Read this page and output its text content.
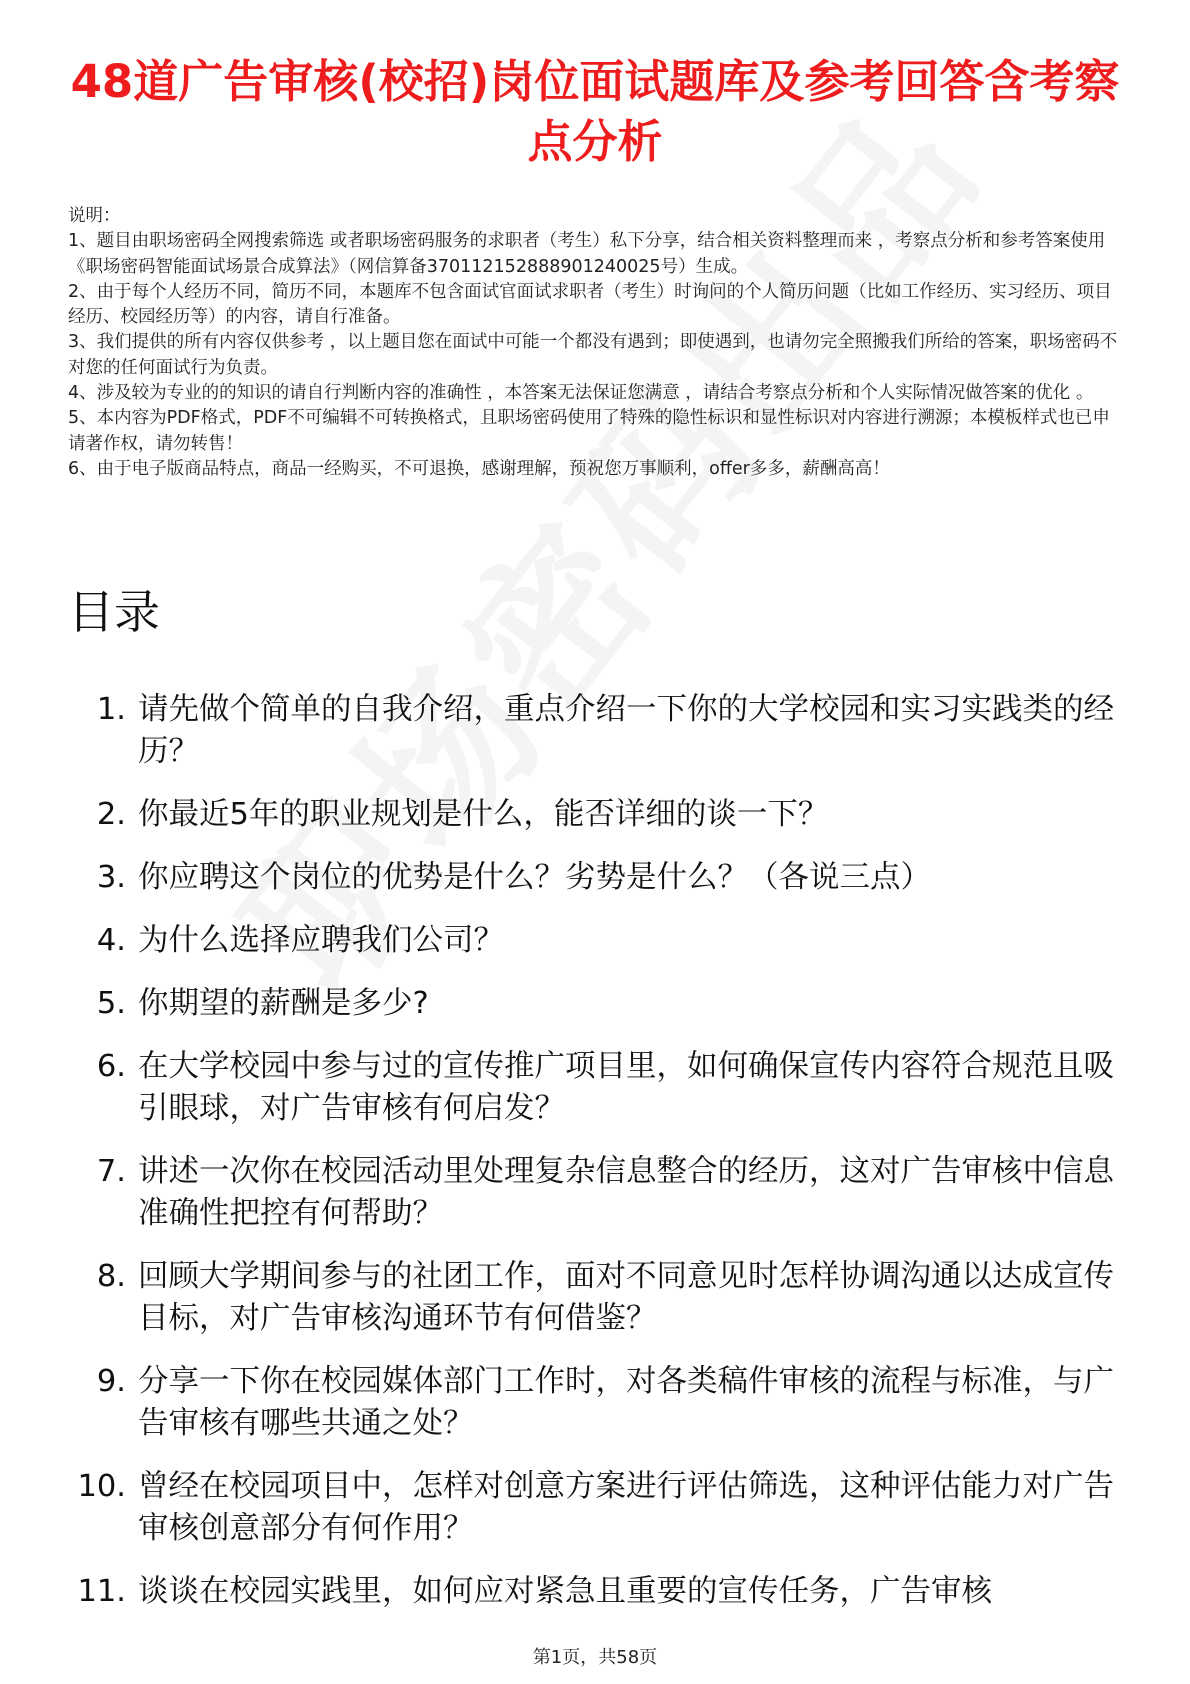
48道广告审核(校招)岗位面试题库及参考回答含考察点分析

说明：

1、题目由职场密码全网搜索筛选 或者职场密码服务的求职者（考生）私下分享，结合相关资料整理而来 ，考察点分析和参考答案使用《职场密码智能面试场景合成算法》（网信算备370112152888901240025号）生成。

2、由于每个人经历不同，简历不同，本题库不包含面试官面试求职者（考生）时询问的个人简历问题（比如工作经历、实习经历、项目经历、校园经历等）的内容，请自行准备。

3、我们提供的所有内容仅供参考 ，以上题目您在面试中可能一个都没有遇到；即使遇到，也请勿完全照搬我们所给的答案，职场密码不对您的任何面试行为负责。

4、涉及较为专业的的知识的请自行判断内容的准确性 ，本答案无法保证您满意 ，请结合考察点分析和个人实际情况做答案的优化 。

5、本内容为PDF格式，PDF不可编辑不可转换格式，且职场密码使用了特殊的隐性标识和显性标识对内容进行溯源；本模板样式也已申请著作权，请勿转售！

6、由于电子版商品特点，商品一经购买，不可退换，感谢理解，预祝您万事顺利，offer多多，薪酬高高！

目录
1. 请先做个简单的自我介绍，重点介绍一下你的大学校园和实习实践类的经历？
2. 你最近5年的职业规划是什么，能否详细的谈一下？
3. 你应聘这个岗位的优势是什么？劣势是什么？（各说三点）
4. 为什么选择应聘我们公司？
5. 你期望的薪酬是多少?
6. 在大学校园中参与过的宣传推广项目里，如何确保宣传内容符合规范且吸引眼球，对广告审核有何启发？
7. 讲述一次你在校园活动里处理复杂信息整合的经历，这对广告审核中信息准确性把控有何帮助？
8. 回顾大学期间参与的社团工作，面对不同意见时怎样协调沟通以达成宣传目标，对广告审核沟通环节有何借鉴？
9. 分享一下你在校园媒体部门工作时，对各类稿件审核的流程与标准，与广告审核有哪些共通之处？
10. 曾经在校园项目中，怎样对创意方案进行评估筛选，这种评估能力对广告审核创意部分有何作用？
11. 谈谈在校园实践里，如何应对紧急且重要的宣传任务，广告审核
第1页，共58页
